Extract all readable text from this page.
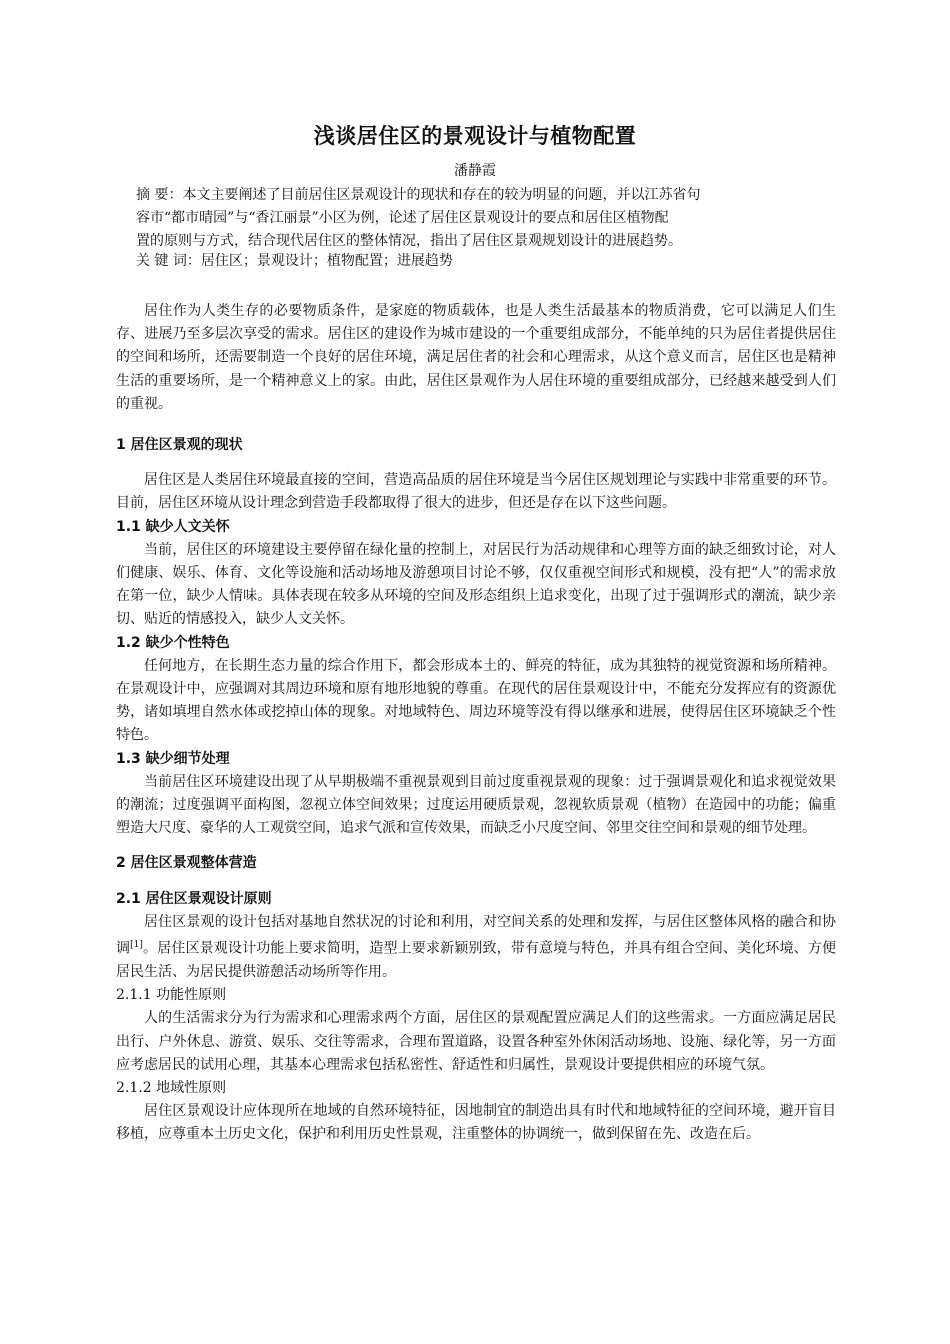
浅谈居住区的景观设计与植物配置
潘静霞
摘 要：本文主要阐述了目前居住区景观设计的现状和存在的较为明显的问题，并以江苏省句
容市“都市晴园”与“香江丽景”小区为例，论述了居住区景观设计的要点和居住区植物配
置的原则与方式，结合现代居住区的整体情况，指出了居住区景观规划设计的进展趋势。
关 键 词：居住区；景观设计；植物配置；进展趋势

居住作为人类生存的必要物质条件，是家庭的物质载体，也是人类生活最基本的物质消费，它可以满足人们生存、进展乃至多层次享受的需求。居住区的建设作为城市建设的一个重要组成部分，不能单纯的只为居住者提供居住的空间和场所，还需要制造一个良好的居住环境，满足居住者的社会和心理需求，从这个意义而言，居住区也是精神生活的重要场所，是一个精神意义上的家。由此，居住区景观作为人居住环境的重要组成部分，已经越来越受到人们的重视。

1 居住区景观的现状

居住区是人类居住环境最直接的空间，营造高品质的居住环境是当今居住区规划理论与实践中非常重要的环节。目前，居住区环境从设计理念到营造手段都取得了很大的进步，但还是存在以下这些问题。

1.1 缺少人文关怀

当前，居住区的环境建设主要停留在绿化量的控制上，对居民行为活动规律和心理等方面的缺乏细致讨论，对人们健康、娱乐、体育、文化等设施和活动场地及游憩项目讨论不够，仅仅重视空间形式和规模，没有把“人”的需求放在第一位，缺少人情味。具体表现在较多从环境的空间及形态组织上追求变化，出现了过于强调形式的潮流，缺少亲切、贴近的情感投入，缺少人文关怀。

1.2 缺少个性特色

任何地方，在长期生态力量的综合作用下，都会形成本土的、鲜亮的特征，成为其独特的视觉资源和场所精神。在景观设计中，应强调对其周边环境和原有地形地貌的尊重。在现代的居住景观设计中，不能充分发挥应有的资源优势，诸如填埋自然水体或挖掉山体的现象。对地域特色、周边环境等没有得以继承和进展，使得居住区环境缺乏个性特色。

1.3 缺少细节处理

当前居住区环境建设出现了从早期极端不重视景观到目前过度重视景观的现象：过于强调景观化和追求视觉效果的潮流；过度强调平面构图，忽视立体空间效果；过度运用硬质景观，忽视软质景观（植物）在造园中的功能；偏重塑造大尺度、豪华的人工观赏空间，追求气派和宣传效果，而缺乏小尺度空间、邻里交往空间和景观的细节处理。

2 居住区景观整体营造

2.1 居住区景观设计原则

居住区景观的设计包括对基地自然状况的讨论和利用，对空间关系的处理和发挥，与居住区整体风格的融合和协调[1]。居住区景观设计功能上要求简明，造型上要求新颖别致，带有意境与特色，并具有组合空间、美化环境、方便居民生活、为居民提供游憩活动场所等作用。

2.1.1 功能性原则

人的生活需求分为行为需求和心理需求两个方面，居住区的景观配置应满足人们的这些需求。一方面应满足居民出行、户外休息、游赏、娱乐、交往等需求，合理布置道路，设置各种室外休闲活动场地、设施、绿化等，另一方面应考虑居民的试用心理，其基本心理需求包括私密性、舒适性和归属性，景观设计要提供相应的环境气氛。

2.1.2 地域性原则

居住区景观设计应体现所在地域的自然环境特征，因地制宜的制造出具有时代和地域特征的空间环境，避开盲目移植，应尊重本土历史文化，保护和利用历史性景观，注重整体的协调统一，做到保留在先、改造在后。
